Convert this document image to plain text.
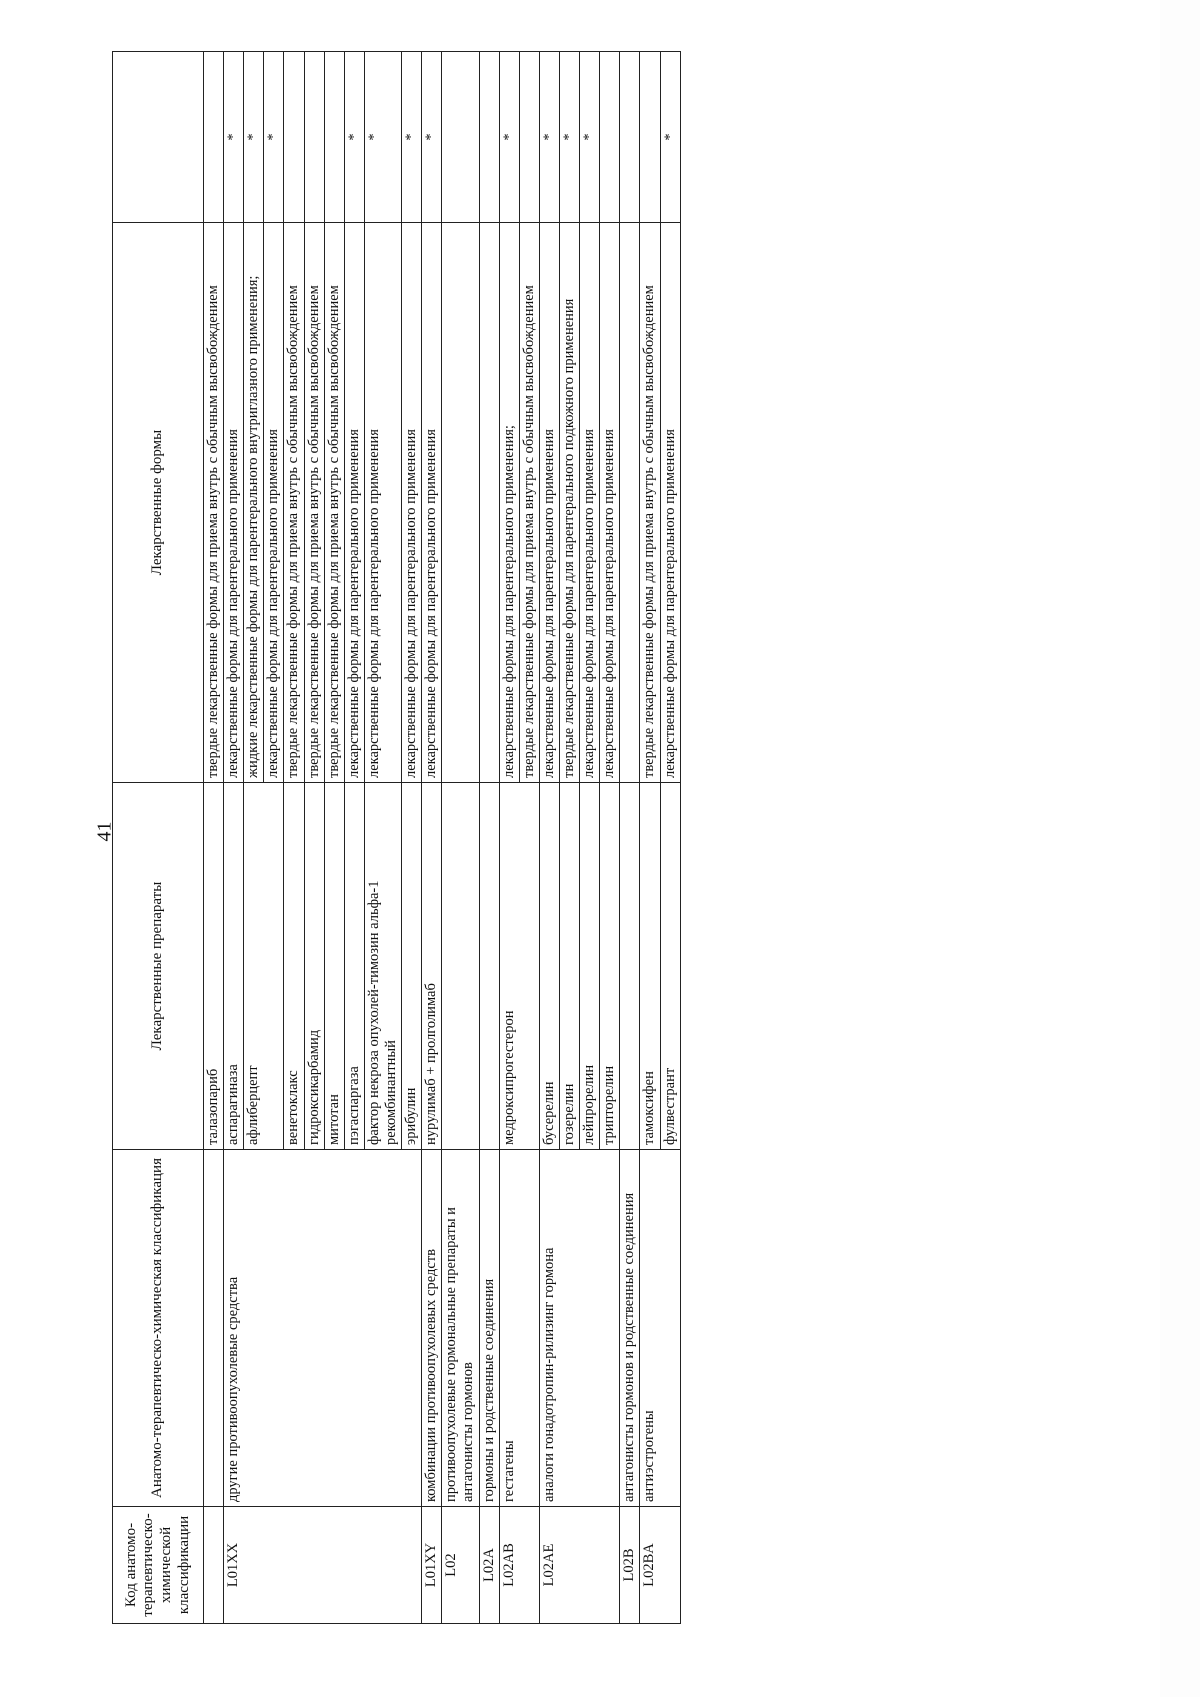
41
Код анатомо-терапевтическо-химической классификации	Анатомо-терапевтическо-химическая классификация	Лекарственные препараты	Лекарственные формы	
		талазопариб	твердые лекарственные формы для приема внутрь с обычным высвобождением	
L01XX	другие противоопухолевые средства	аспарагиназа	лекарственные формы для парентерального применения	*
		афлиберцепт	жидкие лекарственные формы для парентерального внутриглазного применения;	*
			лекарственные формы для парентерального применения	*
		венетоклакс	твердые лекарственные формы для приема внутрь с обычным высвобождением	
		гидроксикарбамид	твердые лекарственные формы для приема внутрь с обычным высвобождением	
		митотан	твердые лекарственные формы для приема внутрь с обычным высвобождением	
		пэгаспаргаза	лекарственные формы для парентерального применения	*
		фактор некроза опухолей-тимозин альфа-1 рекомбинантный	лекарственные формы для парентерального применения	*
		эрибулин	лекарственные формы для парентерального применения	*
L01XY	комбинации противоопухолевых средств	нурулимаб + пролголимаб	лекарственные формы для парентерального применения	*
L02	противоопухолевые гормональные препараты и антагонисты гормонов			
L02A	гормоны и родственные соединения			
L02AB	гестагены	медроксипрогестерон	лекарственные формы для парентерального применения;	*
			твердые лекарственные формы для приема внутрь с обычным высвобождением	
L02AE	аналоги гонадотропин-рилизинг гормона	бусерелин	лекарственные формы для парентерального применения	*
		гозерелин	твердые лекарственные формы для парентерального подкожного применения	*
		лейпрорелин	лекарственные формы для парентерального применения	*
		трипторелин	лекарственные формы для парентерального применения	
L02B	антагонисты гормонов и родственные соединения			
L02BA	антиэстрогены	тамоксифен	твердые лекарственные формы для приема внутрь с обычным высвобождением	
		фулвестрант	лекарственные формы для парентерального применения	*
